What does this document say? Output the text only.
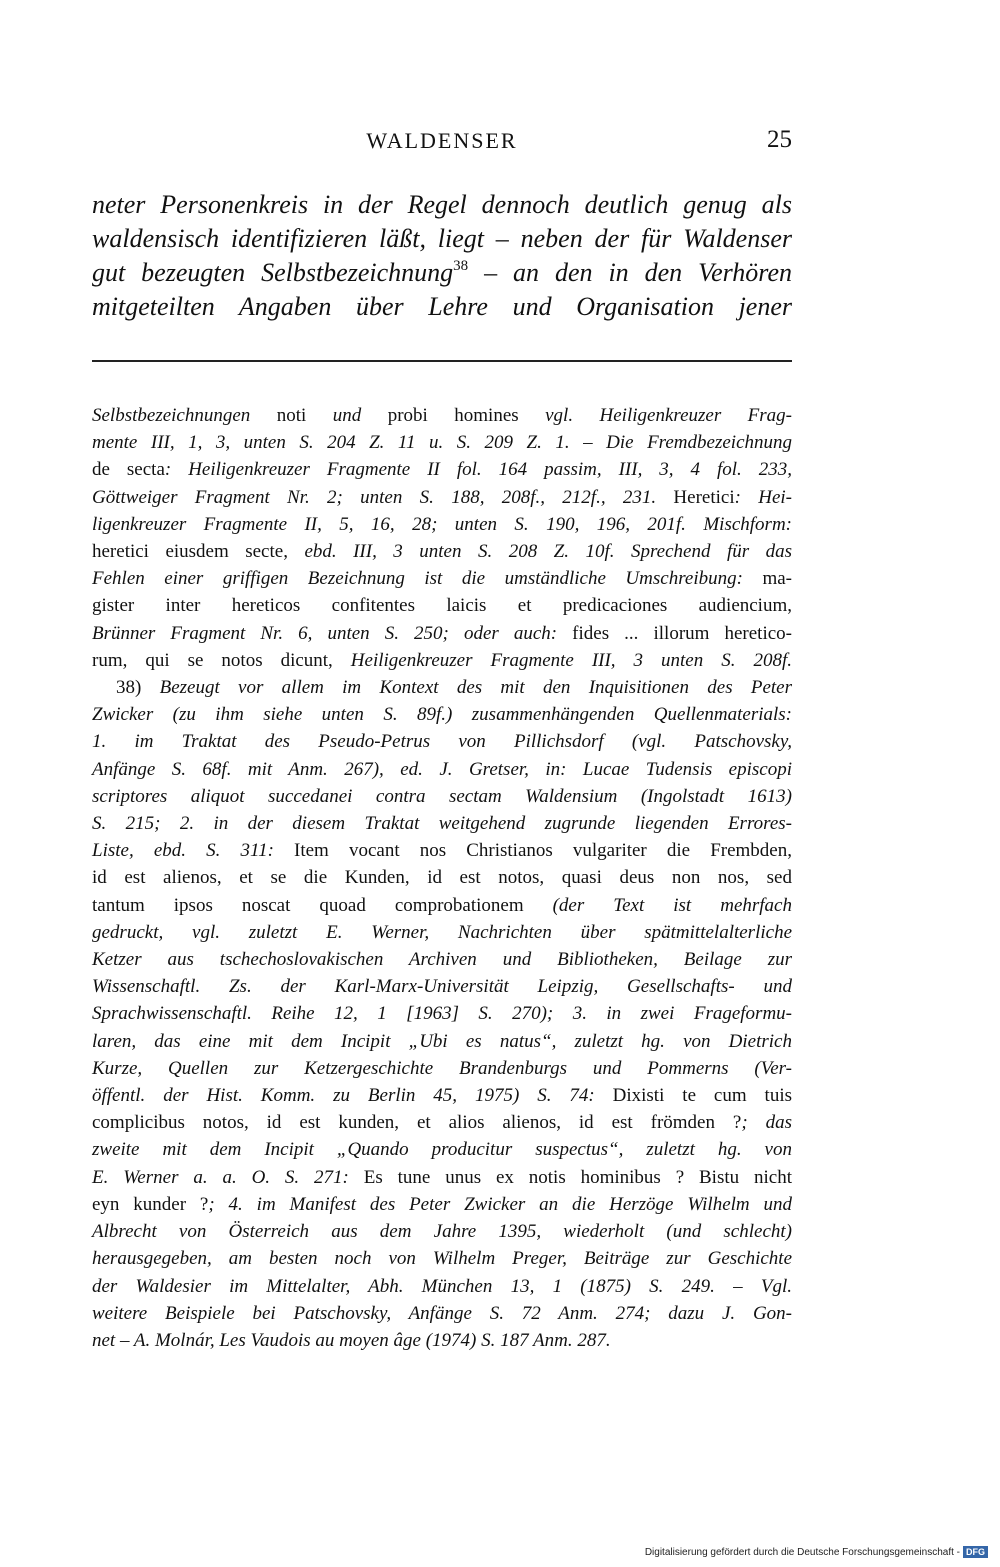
WALDENSER	25
neter Personenkreis in der Regel dennoch deutlich genug als
waldensisch identifizieren läßt, liegt – neben der für Waldenser
gut bezeugten Selbstbezeichnung$^{38}$ – an den in den Verhören
mitgeteilten Angaben über Lehre und Organisation jener
Selbstbezeichnungen noti und probi homines vgl. Heiligenkreuzer Frag-
mente III, 1, 3, unten S. 204 Z. 11 u. S. 209 Z. 1. – Die Fremdbezeichnung
de secta: Heiligenkreuzer Fragmente II fol. 164 passim, III, 3, 4 fol. 233,
Göttweiger Fragment Nr. 2; unten S. 188, 208f., 212f., 231. Heretici: Hei-
ligenkreuzer Fragmente II, 5, 16, 28; unten S. 190, 196, 201f. Mischform:
heretici eiusdem secte, ebd. III, 3 unten S. 208 Z. 10f. Sprechend für das
Fehlen einer griffigen Bezeichnung ist die umständliche Umschreibung: ma-
gister inter hereticos confitentes laicis et predicaciones audiencium,
Brünner Fragment Nr. 6, unten S. 250; oder auch: fides ... illorum heretico-
rum, qui se notos dicunt, Heiligenkreuzer Fragmente III, 3 unten S. 208f.
38) Bezeugt vor allem im Kontext des mit den Inquisitionen des Peter
Zwicker (zu ihm siehe unten S. 89f.) zusammenhängenden Quellenmaterials:
1. im Traktat des Pseudo-Petrus von Pillichsdorf (vgl. Patschovsky,
Anfänge S. 68f. mit Anm. 267), ed. J. Gretser, in: Lucae Tudensis episcopi
scriptores aliquot succedanei contra sectam Waldensium (Ingolstadt 1613)
S. 215; 2. in der diesem Traktat weitgehend zugrunde liegenden Errores-
Liste, ebd. S. 311: Item vocant nos Christianos vulgariter die Frembden,
id est alienos, et se die Kunden, id est notos, quasi deus non nos, sed
tantum ipsos noscat quoad comprobationem (der Text ist mehrfach
gedruckt, vgl. zuletzt E. Werner, Nachrichten über spätmittelalterliche
Ketzer aus tschechoslovakischen Archiven und Bibliotheken, Beilage zur
Wissenschaftl. Zs. der Karl-Marx-Universität Leipzig, Gesellschafts- und
Sprachwissenschaftl. Reihe 12, 1 [1963] S. 270); 3. in zwei Frageformu-
laren, das eine mit dem Incipit „Ubi es natus“, zuletzt hg. von Dietrich
Kurze, Quellen zur Ketzergeschichte Brandenburgs und Pommerns (Ver-
öffentl. der Hist. Komm. zu Berlin 45, 1975) S. 74: Dixisti te cum tuis
complicibus notos, id est kunden, et alios alienos, id est frömden ?; das
zweite mit dem Incipit „Quando producitur suspectus“, zuletzt hg. von
E. Werner a. a. O. S. 271: Es tune unus ex notis hominibus ? Bistu nicht
eyn kunder ?; 4. im Manifest des Peter Zwicker an die Herzöge Wilhelm und
Albrecht von Österreich aus dem Jahre 1395, wiederholt (und schlecht)
herausgegeben, am besten noch von Wilhelm Preger, Beiträge zur Geschichte
der Waldesier im Mittelalter, Abh. München 13, 1 (1875) S. 249. – Vgl.
weitere Beispiele bei Patschovsky, Anfänge S. 72 Anm. 274; dazu J. Gon-
net – A. Molnár, Les Vaudois au moyen âge (1974) S. 187 Anm. 287.
Digitalisierung gefördert durch die Deutsche Forschungsgemeinschaft - DFG
